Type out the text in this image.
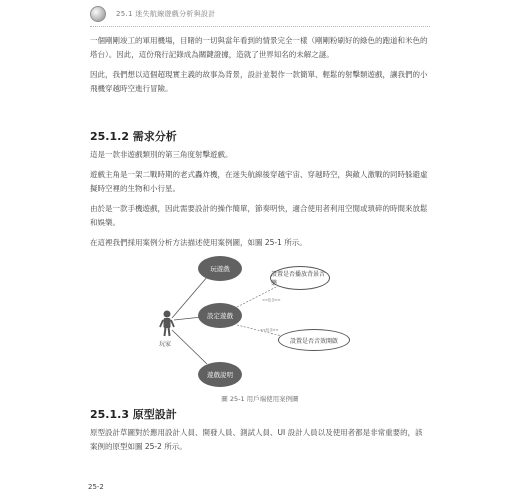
25.1 迷失航線遊戲分析與設計

一個剛剛竣工的軍用機場，目睹的一切與當年看到的情景完全一樣（剛剛粉刷好的綠色的跑道和米色的塔台）。因此，這份飛行記錄成為關鍵證據，造就了世界知名的未解之謎。

因此，我們想以這個超現實主義的故事為背景，設計並製作一款簡單、輕鬆的射擊類遊戲，讓我們的小飛機穿越時空進行冒險。

25.1.2 需求分析

這是一款非遊戲類別的第三角度射擊遊戲。

遊戲主角是一架二戰時期的老式轟炸機，在迷失航線後穿越宇宙、穿越時空，與敵人激戰的同時躲避虛擬時空裡的生物和小行星。

由於是一款手機遊戲，因此需要設計的操作簡單，節奏明快，適合使用者利用空閒或瑣碎的時間來放鬆和娛樂。

在這裡我們採用案例分析方法描述使用案例圖，如圖 25-1 所示。

玩遊戲
設定遊戲
遊戲說明
設置是否播放背景音樂
設置是否音效開啟
<<包含>>
<<包含>>
玩家
圖 25-1 用戶端使用案例圖
25.1.3 原型設計

原型設計草圖對於應用設計人員、開發人員、測試人員、UI 設計人員以及使用者都是非常重要的，該案例的原型如圖 25-2 所示。

25-2
